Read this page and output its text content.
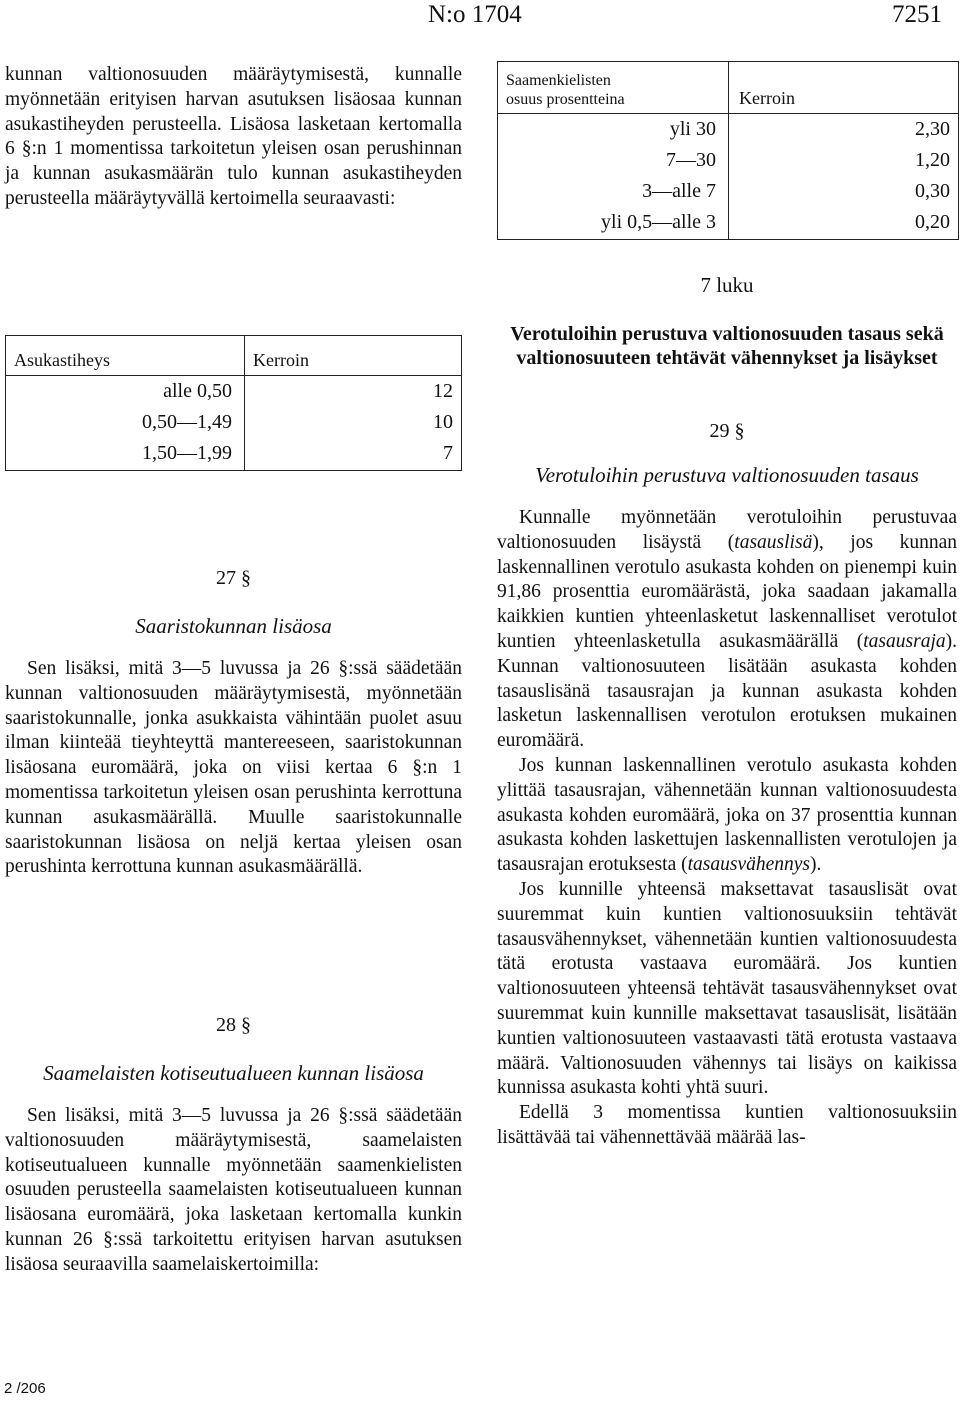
N:o 1704	7251

kunnan valtionosuuden määräytymisestä, kunnalle myönnetään erityisen harvan asutuksen lisäosaa kunnan asukastiheyden perusteella. Lisäosa lasketaan kertomalla 6 §:n 1 momentissa tarkoitetun yleisen osan perushinnan ja kunnan asukasmäärän tulo kunnan asukastiheyden perusteella määräytyvällä kertoimella seuraavasti:

Asukastiheys	Kerroin
alle 0,50	12
0,50—1,49	10
1,50—1,99	7
27 §
Saaristokunnan lisäosa

Sen lisäksi, mitä 3—5 luvussa ja 26 §:ssä säädetään kunnan valtionosuuden määräytymisestä, myönnetään saaristokunnalle, jonka asukkaista vähintään puolet asuu ilman kiinteää tieyhteyttä mantereeseen, saaristokunnan lisäosana euromäärä, joka on viisi kertaa 6 §:n 1 momentissa tarkoitetun yleisen osan perushinta kerrottuna kunnan asukasmäärällä. Muulle saaristokunnalle saaristokunnan lisäosa on neljä kertaa yleisen osan perushinta kerrottuna kunnan asukasmäärällä.

28 §
Saamelaisten kotiseutualueen kunnan lisäosa

Sen lisäksi, mitä 3—5 luvussa ja 26 §:ssä säädetään valtionosuuden määräytymisestä, saamelaisten kotiseutualueen kunnalle myönnetään saamenkielisten osuuden perusteella saamelaisten kotiseutualueen kunnan lisäosana euromäärä, joka lasketaan kertomalla kunkin kunnan 26 §:ssä tarkoitettu erityisen harvan asutuksen lisäosa seuraavilla saamelaiskertoimilla:

Saamenkielisten
osuus prosentteina	Kerroin
yli 30	2,30
7—30	1,20
3—alle 7	0,30
yli 0,5—alle 3	0,20
7 luku
Verotuloihin perustuva valtionosuuden tasaus sekä valtionosuuteen tehtävät vähennykset ja lisäykset
29 §
Verotuloihin perustuva valtionosuuden tasaus

Kunnalle myönnetään verotuloihin perustuvaa valtionosuuden lisäystä (tasauslisä), jos kunnan laskennallinen verotulo asukasta kohden on pienempi kuin 91,86 prosenttia euromäärästä, joka saadaan jakamalla kaikkien kuntien yhteenlasketut laskennalliset verotulot kuntien yhteenlasketulla asukasmäärällä (tasausraja). Kunnan valtionosuuteen lisätään asukasta kohden tasauslisänä tasausrajan ja kunnan asukasta kohden lasketun laskennallisen verotulon erotuksen mukainen euromäärä.

Jos kunnan laskennallinen verotulo asukasta kohden ylittää tasausrajan, vähennetään kunnan valtionosuudesta asukasta kohden euromäärä, joka on 37 prosenttia kunnan asukasta kohden laskettujen laskennallisten verotulojen ja tasausrajan erotuksesta (tasausvähennys).

Jos kunnille yhteensä maksettavat tasauslisät ovat suuremmat kuin kuntien valtionosuuksiin tehtävät tasausvähennykset, vähennetään kuntien valtionosuudesta tätä erotusta vastaava euromäärä. Jos kuntien valtionosuuteen yhteensä tehtävät tasausvähennykset ovat suuremmat kuin kunnille maksettavat tasauslisät, lisätään kuntien valtionosuuteen vastaavasti tätä erotusta vastaava määrä. Valtionosuuden vähennys tai lisäys on kaikissa kunnissa asukasta kohti yhtä suuri.

Edellä 3 momentissa kuntien valtionosuuksiin lisättävää tai vähennettävää määrää las-

2 /206
